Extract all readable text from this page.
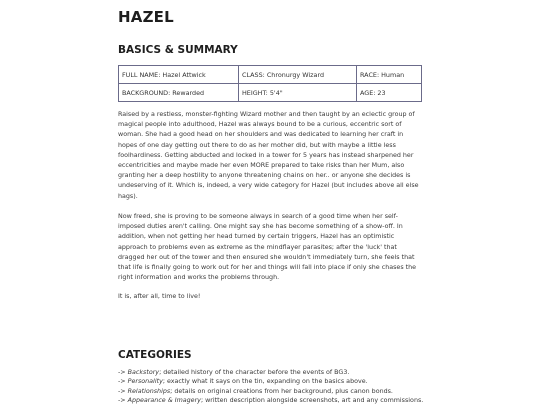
HAZEL
BASICS & SUMMARY
FULL NAME: Hazel Attwick	CLASS: Chronurgy Wizard	RACE: Human
BACKGROUND: Rewarded	HEIGHT: 5'4"	AGE: 23

Raised by a restless, monster-fighting Wizard mother and then taught by an eclectic group of magical people into adulthood, Hazel was always bound to be a curious, eccentric sort of woman. She had a good head on her shoulders and was dedicated to learning her craft in hopes of one day getting out there to do as her mother did, but with maybe a little less foolhardiness. Getting abducted and locked in a tower for 5 years has instead sharpened her eccentricities and maybe made her even MORE prepared to take risks than her Mum, also granting her a deep hostility to anyone threatening chains on her.. or anyone she decides is undeserving of it. Which is, indeed, a very wide category for Hazel (but includes above all else hags).

Now freed, she is proving to be someone always in search of a good time when her self-imposed duties aren't calling. One might say she has become something of a show-off. In addition, when not getting her head turned by certain triggers, Hazel has an optimistic approach to problems even as extreme as the mindflayer parasites; after the 'luck' that dragged her out of the tower and then ensured she wouldn't immediately turn, she feels that that life is finally going to work out for her and things will fall into place if only she chases the right information and works the problems through.

It is, after all, time to live!

CATEGORIES
-> Backstory; detailed history of the character before the events of BG3.
-> Personality; exactly what it says on the tin, expanding on the basics above.
-> Relationships; details on original creations from her background, plus canon bonds.
-> Appearance & Imagery; written description alongside screenshots, art and any commissions.
